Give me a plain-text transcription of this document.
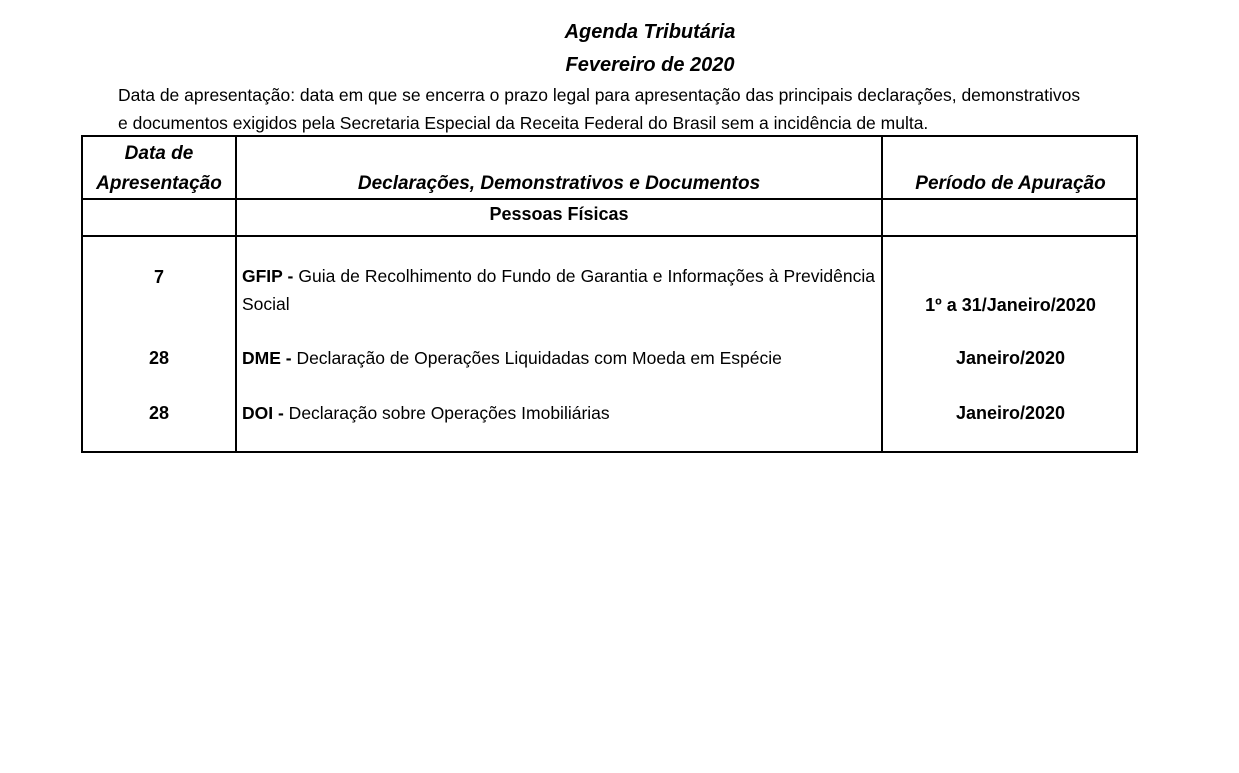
Agenda Tributária
Fevereiro de 2020
Data de apresentação: data em que se encerra o prazo legal para apresentação das principais declarações, demonstrativos
e documentos exigidos pela Secretaria Especial da Receita Federal do Brasil sem a incidência de multa.
Data de
Apresentação	Declarações, Demonstrativos e Documentos	Período de Apuração
Pessoas Físicas
7	GFIP - Guia de Recolhimento do Fundo de Garantia e Informações à Previdência Social	1º a 31/Janeiro/2020
28	DME - Declaração de Operações Liquidadas com Moeda em Espécie	Janeiro/2020
28	DOI - Declaração sobre Operações Imobiliárias	Janeiro/2020
